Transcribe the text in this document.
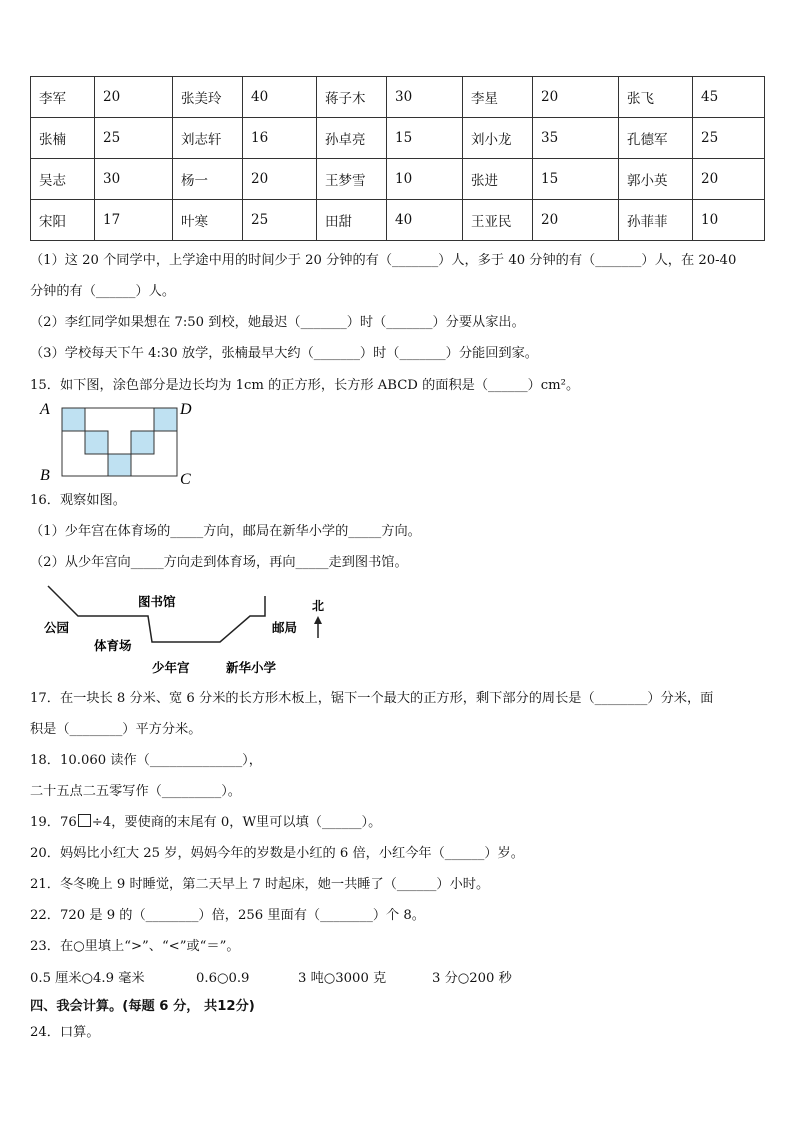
李军	20	张美玲	40	蒋子木	30	李星	20	张飞	45
张楠	25	刘志轩	16	孙卓亮	15	刘小龙	35	孔德军	25
吴志	30	杨一	20	王梦雪	10	张进	15	郭小英	20
宋阳	17	叶寒	25	田甜	40	王亚民	20	孙菲菲	10
（1）这 20 个同学中，上学途中用的时间少于 20 分钟的有（_______）人，多于 40 分钟的有（_______）人，在 20-40
分钟的有（______）人。
（2）李红同学如果想在 7:50 到校，她最迟（_______）时（_______）分要从家出。
（3）学校每天下午 4:30 放学，张楠最早大约（_______）时（_______）分能回到家。
15．如下图，涂色部分是边长均为 1cm 的正方形，长方形 ABCD 的面积是（______）cm²。
A	D
B	C
16．观察如图。
（1）少年宫在体育场的_____方向，邮局在新华小学的_____方向。
（2）从少年宫向_____方向走到体育场，再向_____走到图书馆。
公园
图书馆
体育场
少年宫	新华小学
邮局
北
17．在一块长 8 分米、宽 6 分米的长方形木板上，锯下一个最大的正方形，剩下部分的周长是（________）分米，面
积是（________）平方分米。
18．10.060 读作（______________），
二十五点二五零写作（_________）。
19．76 ÷4，要使商的末尾有 0，W里可以填（______）。
20．妈妈比小红大 25 岁，妈妈今年的岁数是小红的 6 倍，小红今年（______）岁。
21．冬冬晚上 9 时睡觉，第二天早上 7 时起床，她一共睡了（______）小时。
22．720 是 9 的（________）倍，256 里面有（________）个 8。
23．在○里填上“>”、“<”或“＝”。
0.5 厘米○4.9 毫米	0.6○0.9	3 吨○3000 克	3 分○200 秒
四、我会计算。(每题 6 分， 共12分)
24．口算。
